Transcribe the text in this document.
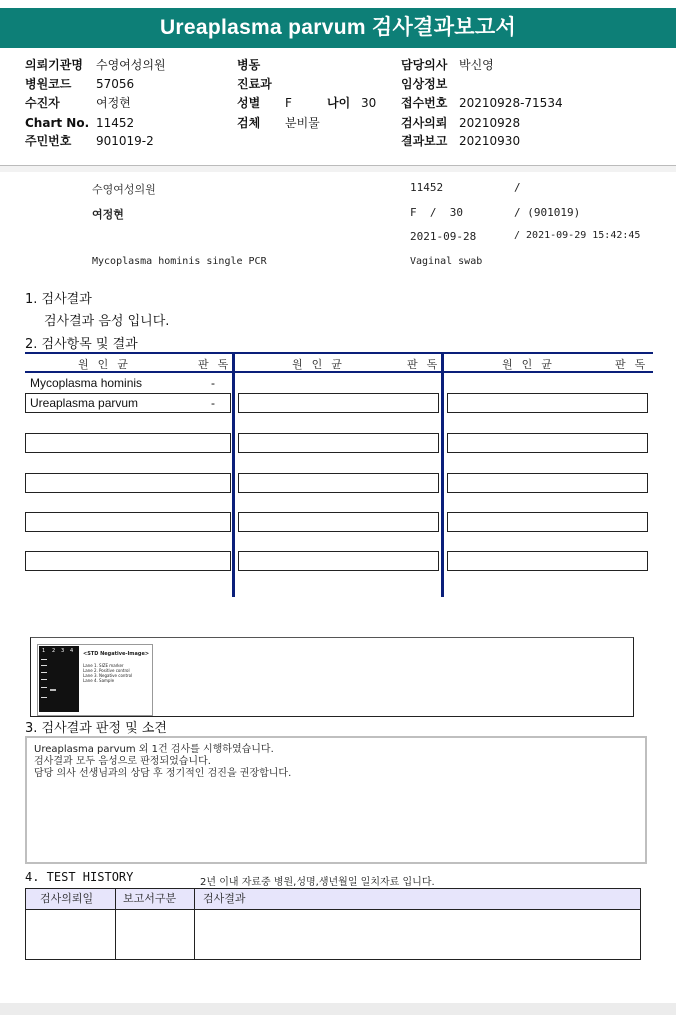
Ureaplasma parvum 검사결과보고서
의뢰기관명 수영여성의원
병원코드 57056
수진자	여정현
Chart No. 11452
주민번호 901019-2
병동
진료과
성별 F	나이 30
검체 분비물
담당의사 박신영
임상정보
접수번호 20210928-71534
검사의뢰 20210928
결과보고 20210930
수영여성의원	11452	/
여정현	F  /  30	/ (901019)
2021-09-28	/ 2021-09-29 15:42:45
Mycoplasma hominis single PCR	Vaginal swab
1. 검사결과
검사결과 음성 입니다.
2. 검사항목 및 결과
원인균	판독	원인균	판독	원인균	판독
Mycoplasma hominis	-
Ureaplasma parvum	-
1 2 3 4 <STD Negative-Image>
Lane 1. SIZE marker
Lane 2. Positive control
Lane 3. Negative control
Lane 4. Sample
3. 검사결과 판정 및 소견
Ureaplasma parvum 외 1건 검사를 시행하였습니다.
검사결과 모두 음성으로 판정되었습니다.
담당 의사 선생님과의 상담 후 정기적인 검진을 권장합니다.
4. TEST HISTORY	2년 이내 자료중 병원,성명,생년월일 일치자료 입니다.
검사의뢰일	보고서구분 검사결과
